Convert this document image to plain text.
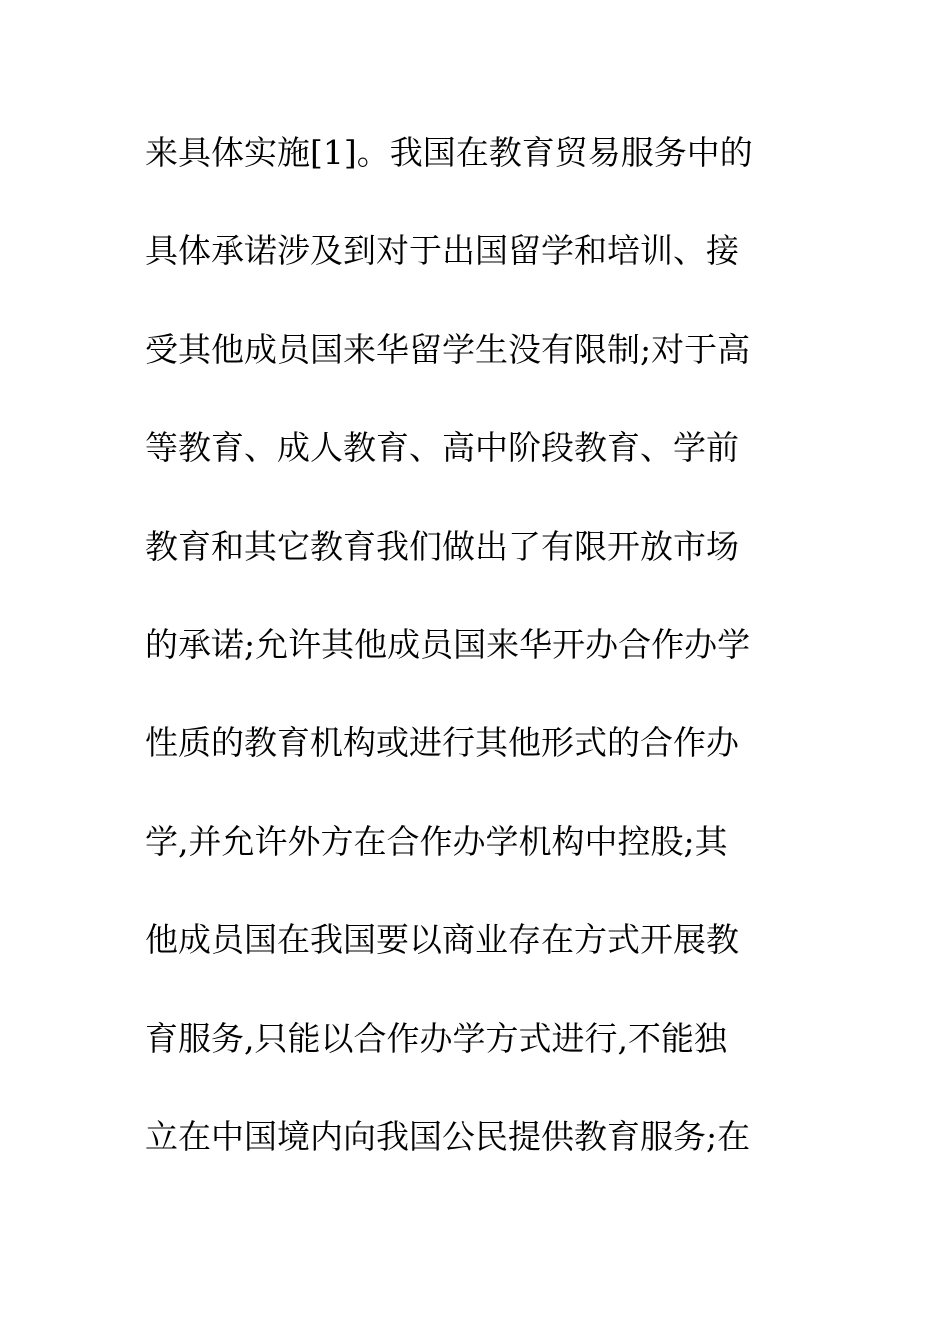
来具体实施[1]。我国在教育贸易服务中的
具体承诺涉及到对于出国留学和培训、接
受其他成员国来华留学生没有限制;对于高
等教育、成人教育、高中阶段教育、学前
教育和其它教育我们做出了有限开放市场
的承诺;允许其他成员国来华开办合作办学
性质的教育机构或进行其他形式的合作办
学,并允许外方在合作办学机构中控股;其
他成员国在我国要以商业存在方式开展教
育服务,只能以合作办学方式进行,不能独
立在中国境内向我国公民提供教育服务;在
